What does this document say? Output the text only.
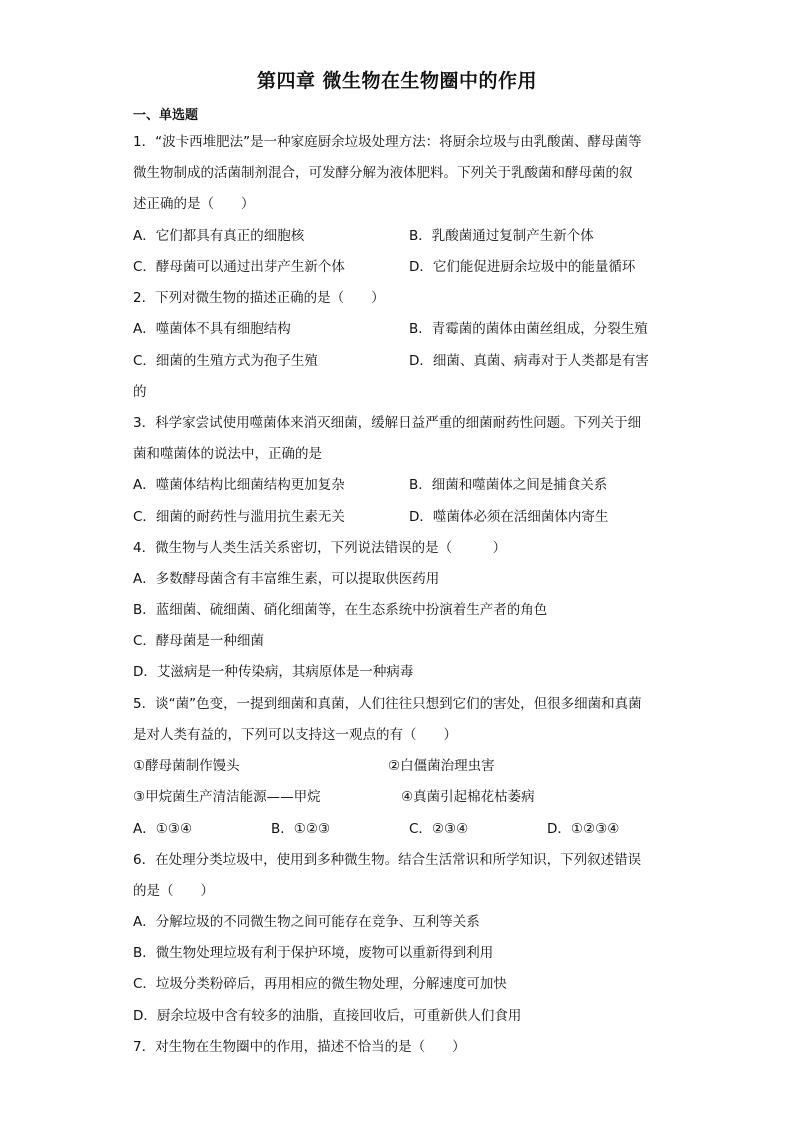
第四章 微生物在生物圈中的作用
一、单选题
1．“波卡西堆肥法”是一种家庭厨余垃圾处理方法：将厨余垃圾与由乳酸菌、酵母菌等
微生物制成的活菌制剂混合，可发酵分解为液体肥料。下列关于乳酸菌和酵母菌的叙
述正确的是（　　）
A．它们都具有真正的细胞核	B．乳酸菌通过复制产生新个体
C．酵母菌可以通过出芽产生新个体	D．它们能促进厨余垃圾中的能量循环
2．下列对微生物的描述正确的是（　　）
A．噬菌体不具有细胞结构	B．青霉菌的菌体由菌丝组成，分裂生殖
C．细菌的生殖方式为孢子生殖	D．细菌、真菌、病毒对于人类都是有害
的
3．科学家尝试使用噬菌体来消灭细菌，缓解日益严重的细菌耐药性问题。下列关于细
菌和噬菌体的说法中，正确的是
A．噬菌体结构比细菌结构更加复杂	B．细菌和噬菌体之间是捕食关系
C．细菌的耐药性与滥用抗生素无关	D．噬菌体必须在活细菌体内寄生
4．微生物与人类生活关系密切，下列说法错误的是（　　　）
A．多数酵母菌含有丰富维生素，可以提取供医药用
B．蓝细菌、硫细菌、硝化细菌等，在生态系统中扮演着生产者的角色
C．酵母菌是一种细菌
D．艾滋病是一种传染病，其病原体是一种病毒
5．谈“菌”色变，一提到细菌和真菌，人们往往只想到它们的害处，但很多细菌和真菌
是对人类有益的，下列可以支持这一观点的有（　　）
①酵母菌制作馒头	②白僵菌治理虫害
③甲烷菌生产清洁能源——甲烷	④真菌引起棉花枯萎病
A．①③④	B．①②③	C．②③④	D．①②③④
6．在处理分类垃圾中，使用到多种微生物。结合生活常识和所学知识，下列叙述错误
的是（　　）
A．分解垃圾的不同微生物之间可能存在竞争、互利等关系
B．微生物处理垃圾有利于保护环境，废物可以重新得到利用
C．垃圾分类粉碎后，再用相应的微生物处理，分解速度可加快
D．厨余垃圾中含有较多的油脂，直接回收后，可重新供人们食用
7．对生物在生物圈中的作用，描述不恰当的是（　　）
